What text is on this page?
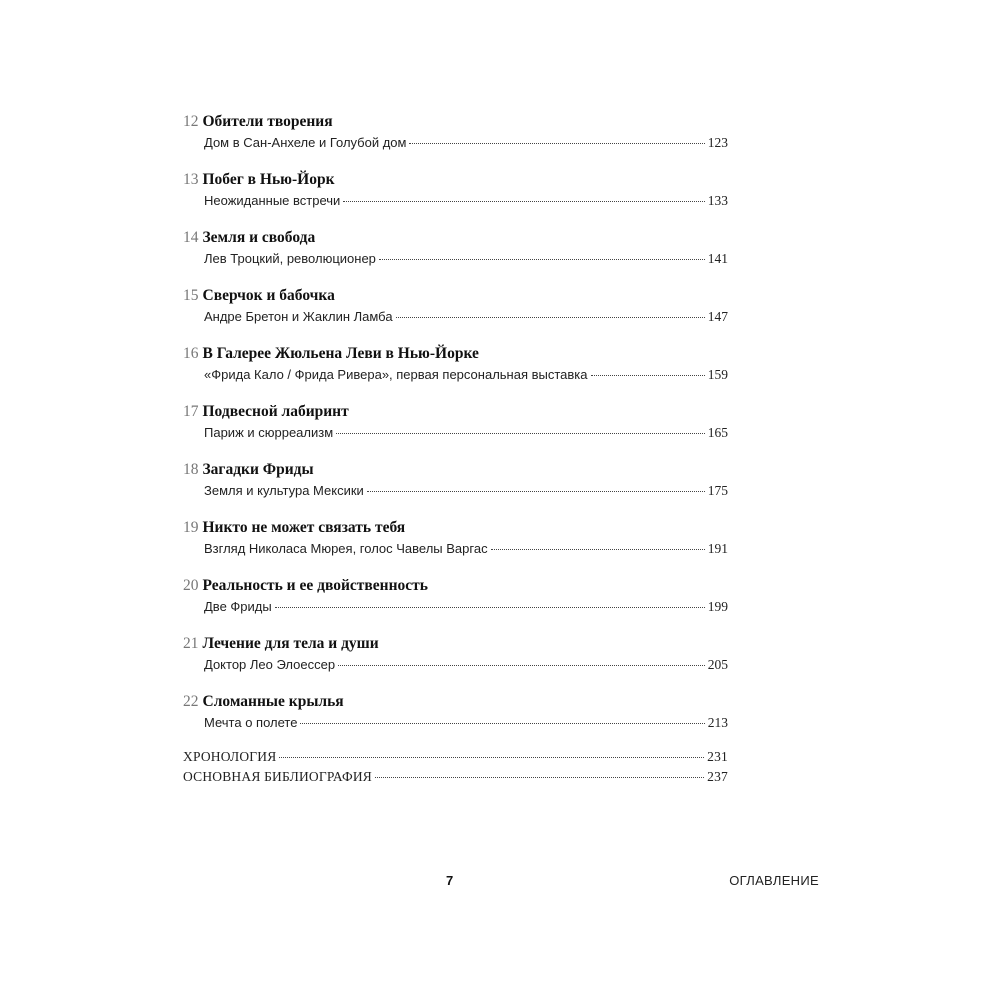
12 Обители творения
Дом в Сан-Анхеле и Голубой дом	123
13 Побег в Нью-Йорк
Неожиданные встречи	133
14 Земля и свобода
Лев Троцкий, революционер	141
15 Сверчок и бабочка
Андре Бретон и Жаклин Ламба	147
16 В Галерее Жюльена Леви в Нью-Йорке
«Фрида Кало / Фрида Ривера», первая персональная выставка	159
17 Подвесной лабиринт
Париж и сюрреализм	165
18 Загадки Фриды
Земля и культура Мексики	175
19 Никто не может связать тебя
Взгляд Николаса Мюрея, голос Чавелы Варгас	191
20 Реальность и ее двойственность
Две Фриды	199
21 Лечение для тела и души
Доктор Лео Элоессер	205
22 Сломанные крылья
Мечта о полете	213
ХРОНОЛОГИЯ	231
ОСНОВНАЯ БИБЛИОГРАФИЯ	237
7	ОГЛАВЛЕНИЕ
